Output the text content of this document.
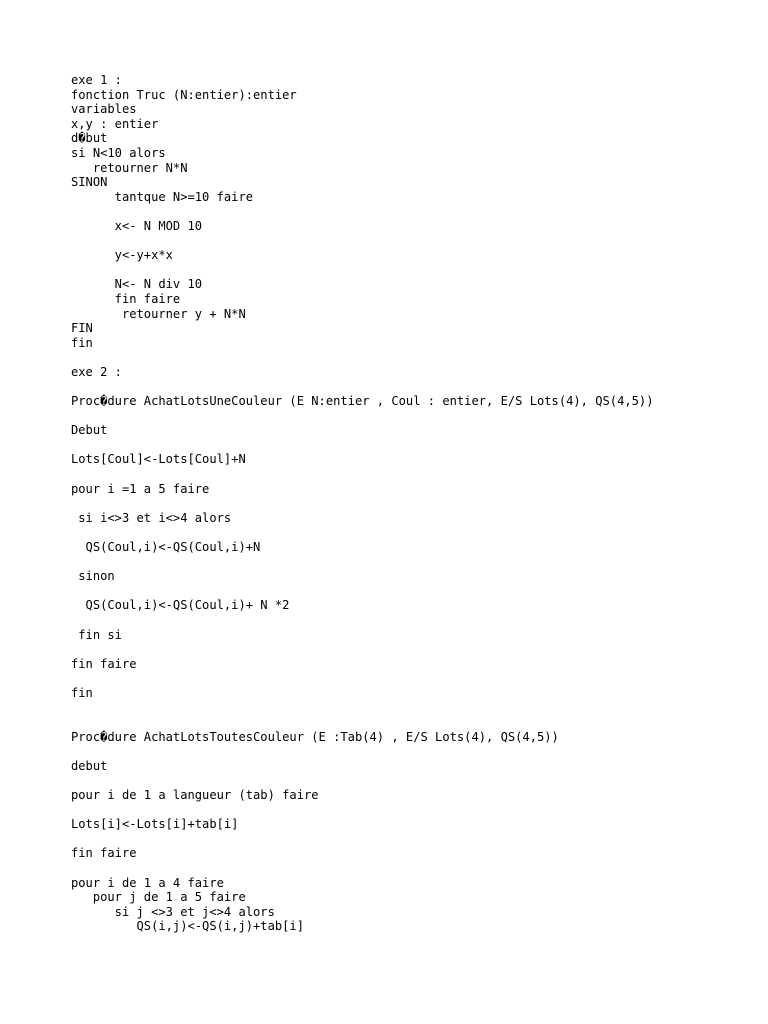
exe 1 :
fonction Truc (N:entier):entier
variables
x,y : entier
d�but
si N<10 alors
retourner N*N
SINON
tantque N>=10 faire
x<- N MOD 10
y<-y+x*x
N<- N div 10
fin faire
retourner y + N*N
FIN
fin
exe 2 :
Proc�dure AchatLotsUneCouleur (E N:entier , Coul : entier, E/S Lots(4), QS(4,5))
Debut
Lots[Coul]<-Lots[Coul]+N
pour i =1 a 5 faire
si i<>3 et i<>4 alors
QS(Coul,i)<-QS(Coul,i)+N
sinon
QS(Coul,i)<-QS(Coul,i)+ N *2
fin si
fin faire
fin
Proc�dure AchatLotsToutesCouleur (E :Tab(4) , E/S Lots(4), QS(4,5))
debut
pour i de 1 a langueur (tab) faire
Lots[i]<-Lots[i]+tab[i]
fin faire
pour i de 1 a 4 faire
pour j de 1 a 5 faire
si j <>3 et j<>4 alors
QS(i,j)<-QS(i,j)+tab[i]
